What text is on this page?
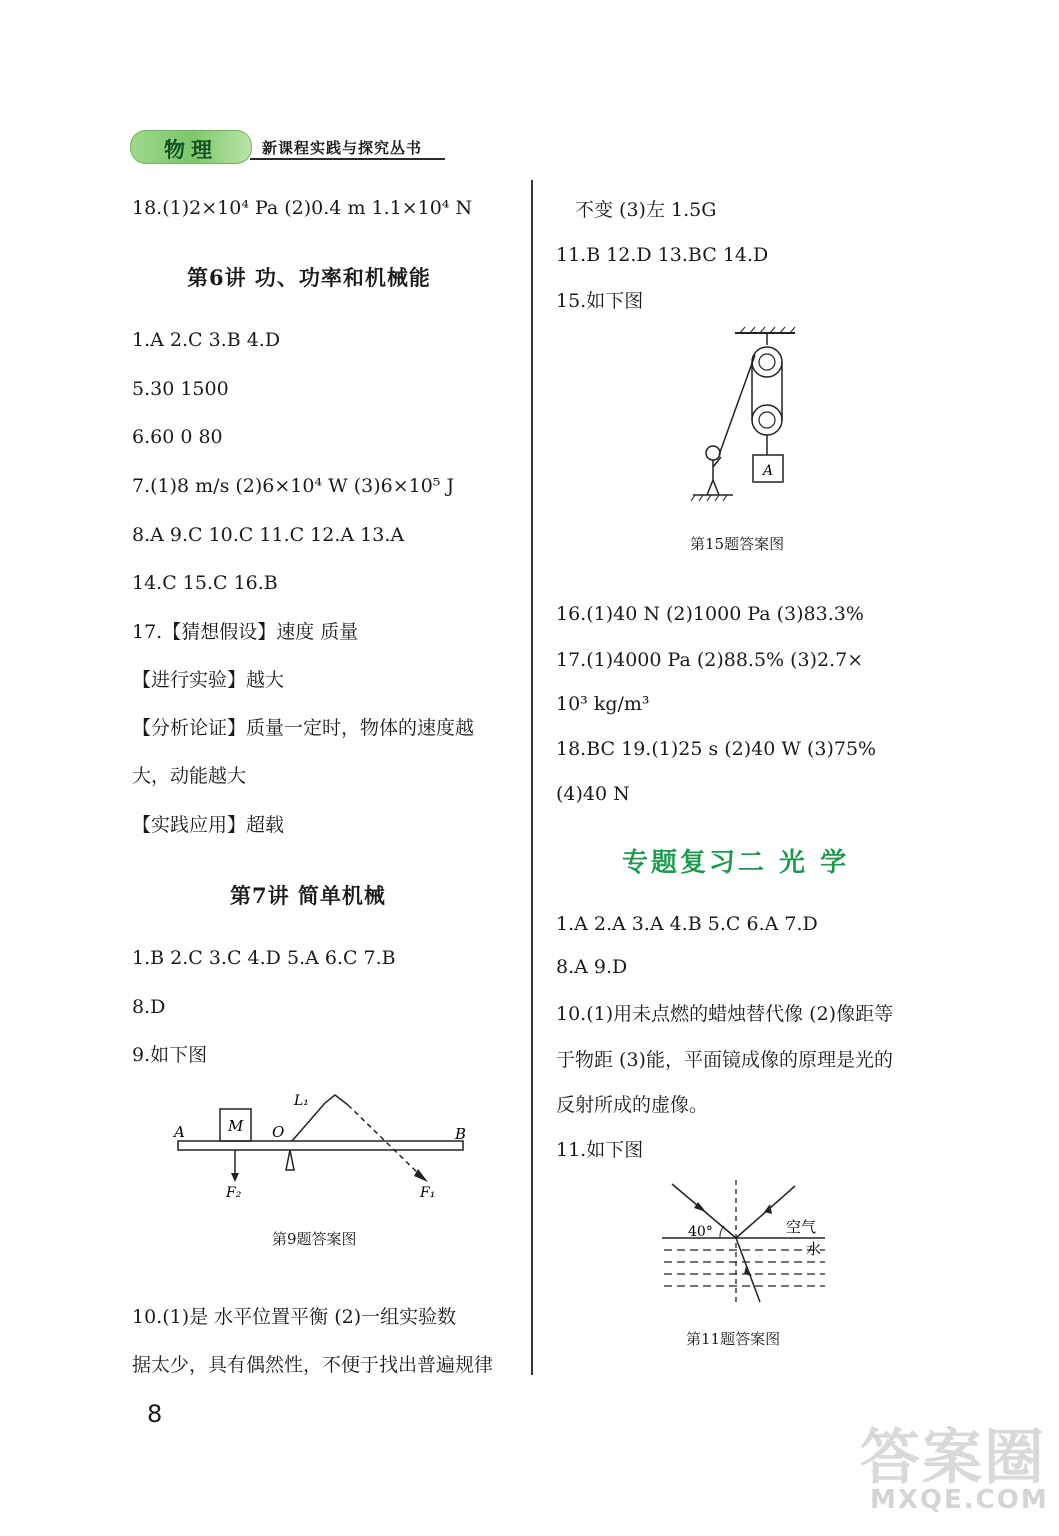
物理	新课程实践与探究丛书
18.(1)2×10⁴ Pa (2)0.4 m 1.1×10⁴ N
第6讲 功、功率和机械能
1.A 2.C 3.B 4.D
5.30 1500
6.60 0 80
7.(1)8 m/s (2)6×10⁴ W (3)6×10⁵ J
8.A 9.C 10.C 11.C 12.A 13.A
14.C 15.C 16.B
17.【猜想假设】速度 质量
【进行实验】越大
【分析论证】质量一定时，物体的速度越
大，动能越大
【实践应用】超载
第7讲 简单机械
1.B 2.C 3.C 4.D 5.A 6.C 7.B
8.D
9.如下图
A	B
M O
L₁
F₁
F₂
第9题答案图
10.(1)是 水平位置平衡 (2)一组实验数
据太少，具有偶然性，不便于找出普遍规律
不变 (3)左 1.5G
11.B 12.D 13.BC 14.D
15.如下图
A
第15题答案图
16.(1)40 N (2)1000 Pa (3)83.3%
17.(1)4000 Pa (2)88.5% (3)2.7×
10³ kg/m³
18.BC 19.(1)25 s (2)40 W (3)75%
(4)40 N
专题复习二 光 学
1.A 2.A 3.A 4.B 5.C 6.A 7.D
8.A 9.D
10.(1)用未点燃的蜡烛替代像 (2)像距等
于物距 (3)能，平面镜成像的原理是光的
反射所成的虚像。
11.如下图
40°	空气
水
第11题答案图
8
答案圈
MXQE.COM
